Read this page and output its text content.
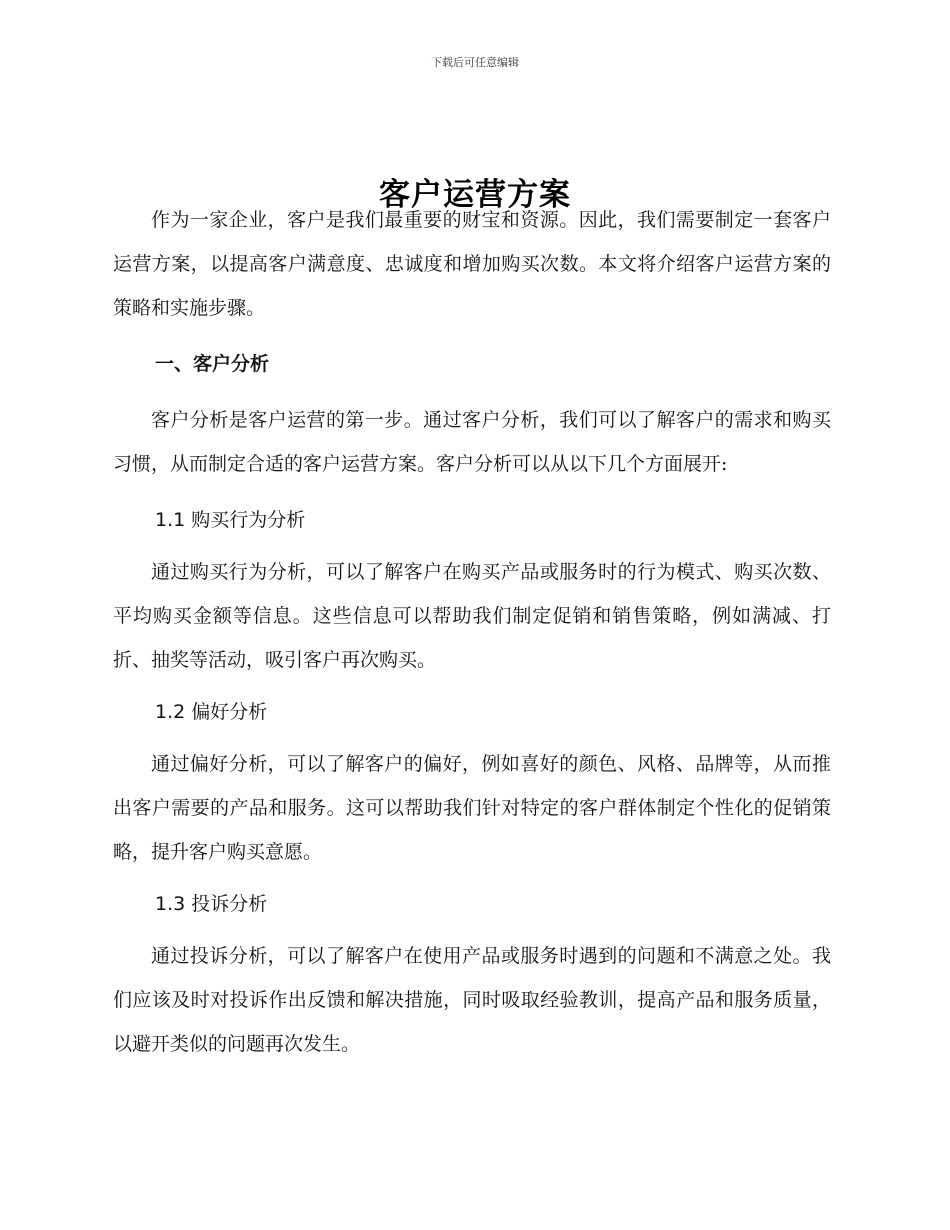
下载后可任意编辑
客户运营方案

作为一家企业，客户是我们最重要的财宝和资源。因此，我们需要制定一套客户运营方案，以提高客户满意度、忠诚度和增加购买次数。本文将介绍客户运营方案的策略和实施步骤。

一、客户分析

客户分析是客户运营的第一步。通过客户分析，我们可以了解客户的需求和购买习惯，从而制定合适的客户运营方案。客户分析可以从以下几个方面展开:

1.1 购买行为分析

通过购买行为分析，可以了解客户在购买产品或服务时的行为模式、购买次数、平均购买金额等信息。这些信息可以帮助我们制定促销和销售策略，例如满减、打折、抽奖等活动，吸引客户再次购买。

1.2 偏好分析

通过偏好分析，可以了解客户的偏好，例如喜好的颜色、风格、品牌等，从而推出客户需要的产品和服务。这可以帮助我们针对特定的客户群体制定个性化的促销策略，提升客户购买意愿。

1.3 投诉分析

通过投诉分析，可以了解客户在使用产品或服务时遇到的问题和不满意之处。我们应该及时对投诉作出反馈和解决措施，同时吸取经验教训，提高产品和服务质量，以避开类似的问题再次发生。
